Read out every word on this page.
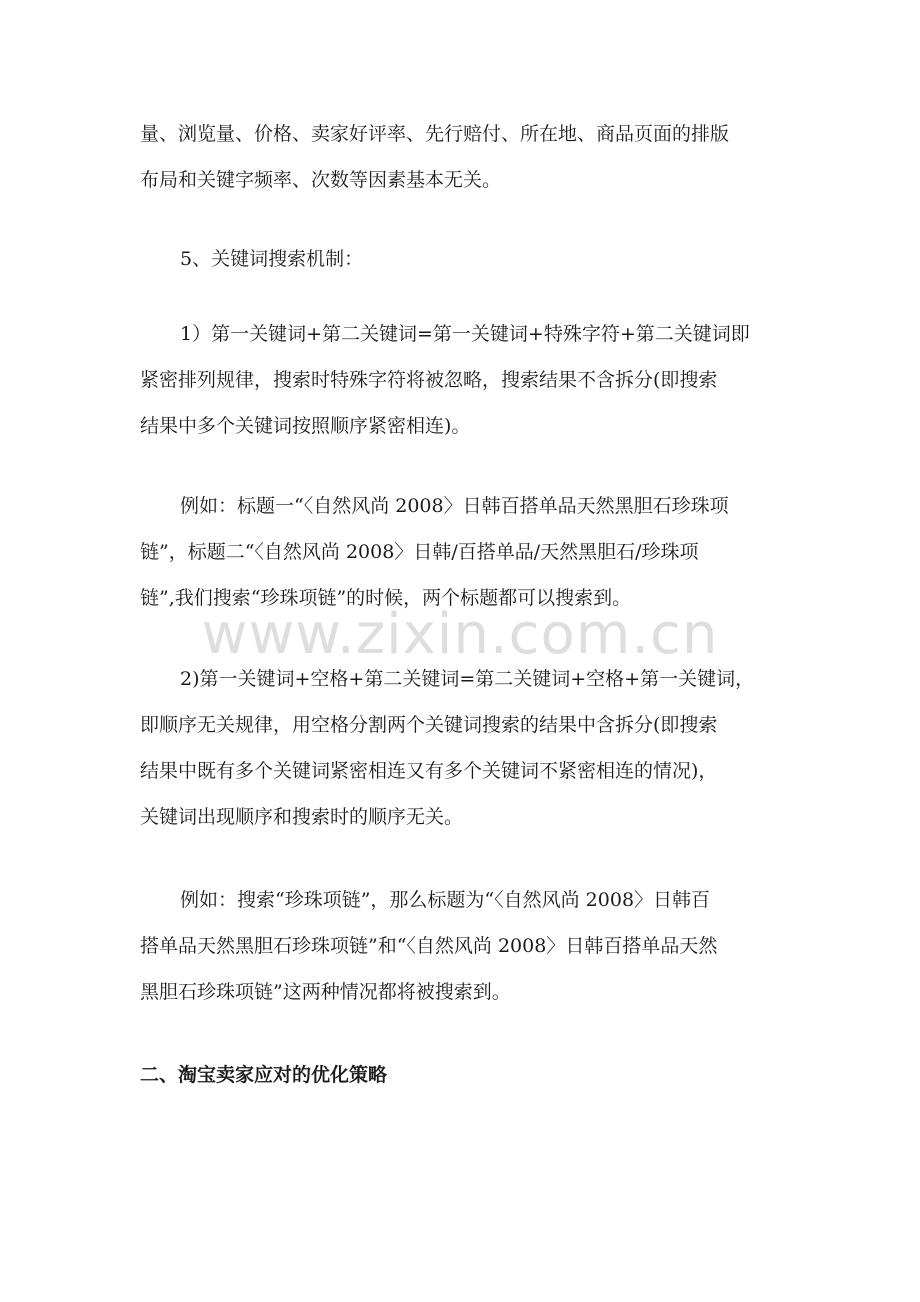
量、浏览量、价格、卖家好评率、先行赔付、所在地、商品页面的排版
布局和关键字频率、次数等因素基本无关。
5、关键词搜索机制：
1）第一关键词+第二关键词=第一关键词+特殊字符+第二关键词即
紧密排列规律，搜索时特殊字符将被忽略，搜索结果不含拆分(即搜索
结果中多个关键词按照顺序紧密相连)。
例如：标题一“〈自然风尚 2008〉日韩百搭单品天然黑胆石珍珠项
链”，标题二“〈自然风尚 2008〉日韩/百搭单品/天然黑胆石/珍珠项
链”,我们搜索“珍珠项链”的时候，两个标题都可以搜索到。
2)第一关键词+空格+第二关键词=第二关键词+空格+第一关键词，
即顺序无关规律，用空格分割两个关键词搜索的结果中含拆分(即搜索
结果中既有多个关键词紧密相连又有多个关键词不紧密相连的情况)，
关键词出现顺序和搜索时的顺序无关。
例如：搜索“珍珠项链”，那么标题为“〈自然风尚 2008〉日韩百
搭单品天然黑胆石珍珠项链”和“〈自然风尚 2008〉日韩百搭单品天然
黑胆石珍珠项链”这两种情况都将被搜索到。
二、淘宝卖家应对的优化策略
www.zixin.com.cn
